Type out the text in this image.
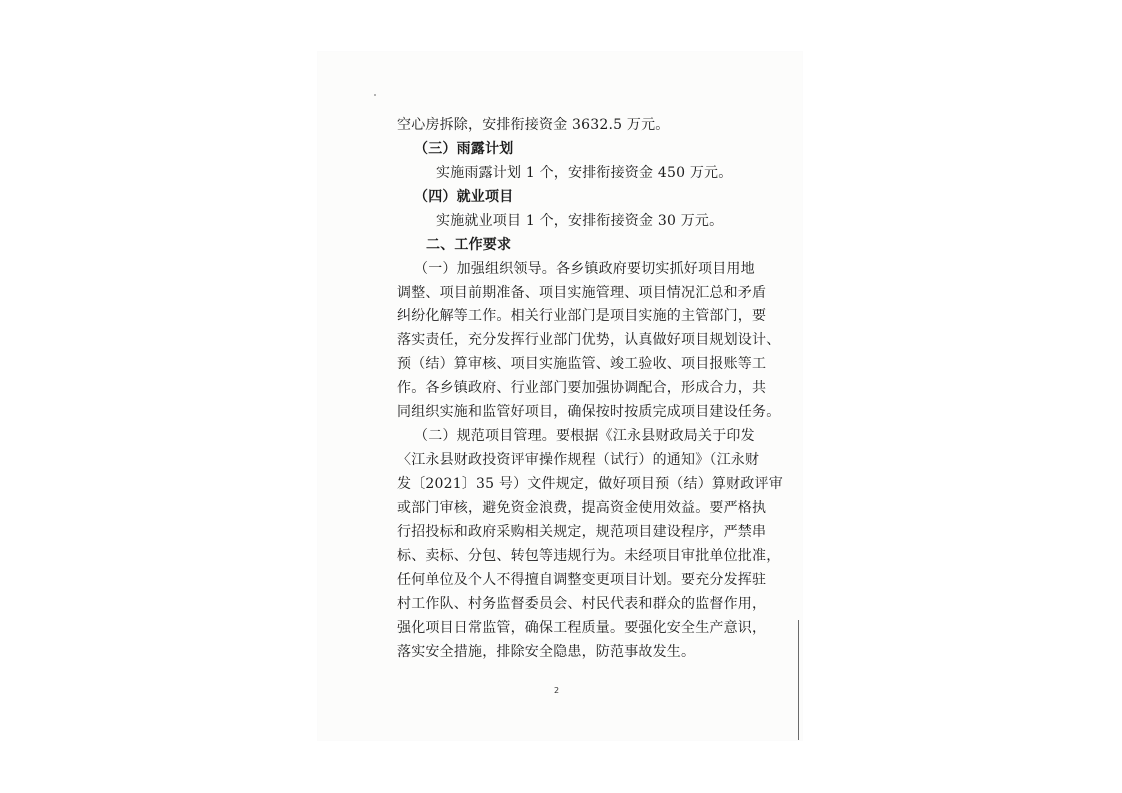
空心房拆除，安排衔接资金 3632.5 万元。
（三）雨露计划
实施雨露计划 1 个，安排衔接资金 450 万元。
（四）就业项目
实施就业项目 1 个，安排衔接资金 30 万元。
二、工作要求
（一）加强组织领导。各乡镇政府要切实抓好项目用地
调整、项目前期准备、项目实施管理、项目情况汇总和矛盾
纠纷化解等工作。相关行业部门是项目实施的主管部门，要
落实责任，充分发挥行业部门优势，认真做好项目规划设计、
预（结）算审核、项目实施监管、竣工验收、项目报账等工
作。各乡镇政府、行业部门要加强协调配合，形成合力，共
同组织实施和监管好项目，确保按时按质完成项目建设任务。
（二）规范项目管理。要根据《江永县财政局关于印发
〈江永县财政投资评审操作规程（试行）的通知》（江永财
发〔2021〕35 号）文件规定，做好项目预（结）算财政评审
或部门审核，避免资金浪费，提高资金使用效益。要严格执
行招投标和政府采购相关规定，规范项目建设程序，严禁串
标、卖标、分包、转包等违规行为。未经项目审批单位批准，
任何单位及个人不得擅自调整变更项目计划。要充分发挥驻
村工作队、村务监督委员会、村民代表和群众的监督作用，
强化项目日常监管，确保工程质量。要强化安全生产意识，
落实安全措施，排除安全隐患，防范事故发生。
2
